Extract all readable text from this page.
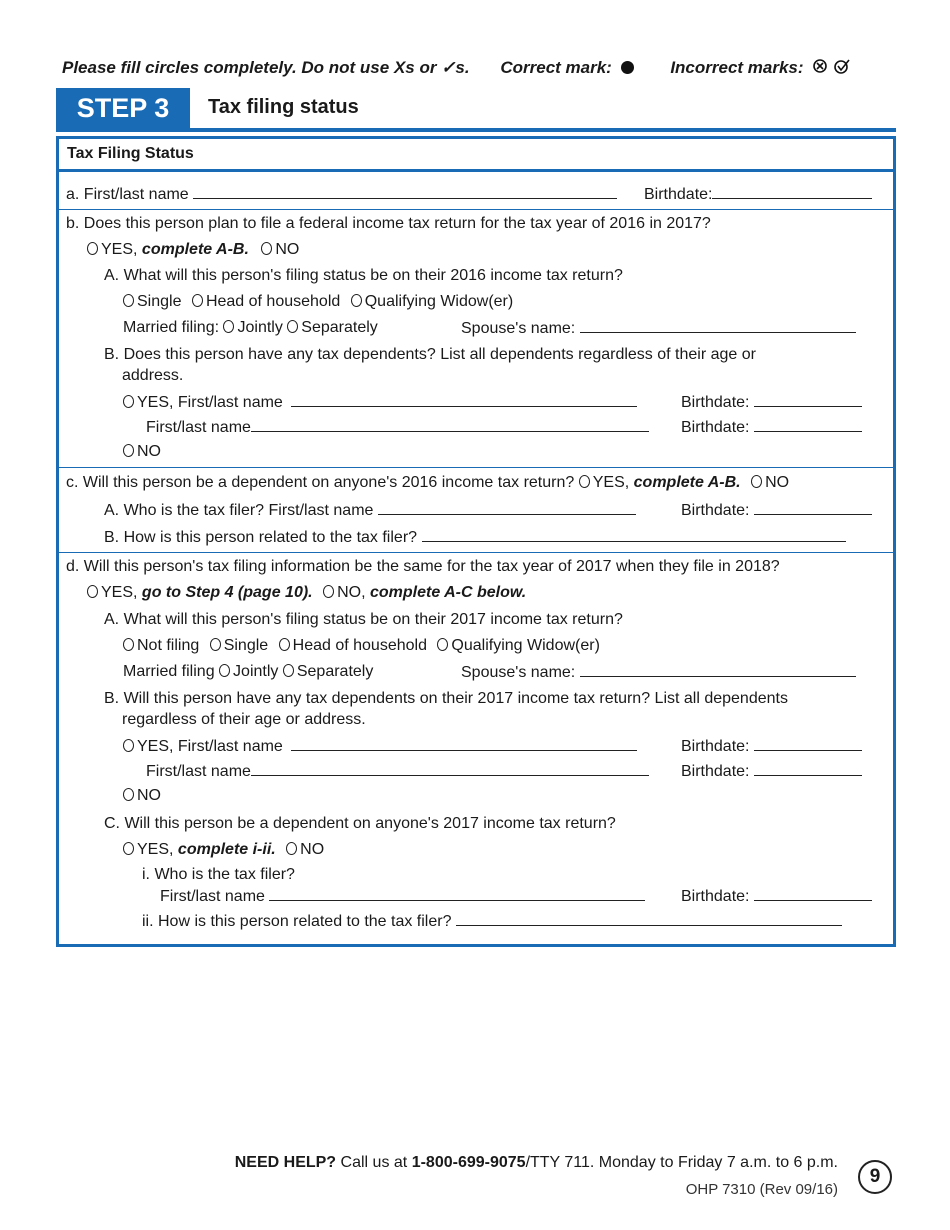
Please fill circles completely. Do not use Xs or ✓s. Correct mark:	Incorrect marks:
STEP 3	Tax filing status
Tax Filing Status
a. First/last name	Birthdate:
b. Does this person plan to file a federal income tax return for the tax year of 2016 in 2017?
YES, complete A-B. NO
A. What will this person's filing status be on their 2016 income tax return?
Single Head of household Qualifying Widow(er)
Married filing: Jointly Separately	Spouse's name:
B. Does this person have any tax dependents? List all dependents regardless of their age or
address.
YES, First/last name	Birthdate:
First/last name	Birthdate:
NO
c. Will this person be a dependent on anyone's 2016 income tax return? YES, complete A-B. NO
A. Who is the tax filer? First/last name	Birthdate:
B. How is this person related to the tax filer?
d. Will this person's tax filing information be the same for the tax year of 2017 when they file in 2018?
YES, go to Step 4 (page 10). NO, complete A-C below.
A. What will this person's filing status be on their 2017 income tax return?
Not filing Single Head of household Qualifying Widow(er)
Married filing Jointly Separately	Spouse's name:
B. Will this person have any tax dependents on their 2017 income tax return? List all dependents
regardless of their age or address.
YES, First/last name	Birthdate:
First/last name	Birthdate:
NO
C. Will this person be a dependent on anyone's 2017 income tax return?
YES, complete i-ii. NO
i. Who is the tax filer?
First/last name	Birthdate:
ii. How is this person related to the tax filer?
NEED HELP? Call us at 1-800-699-9075/TTY 711. Monday to Friday 7 a.m. to 6 p.m.
OHP 7310 (Rev 09/16)
9
